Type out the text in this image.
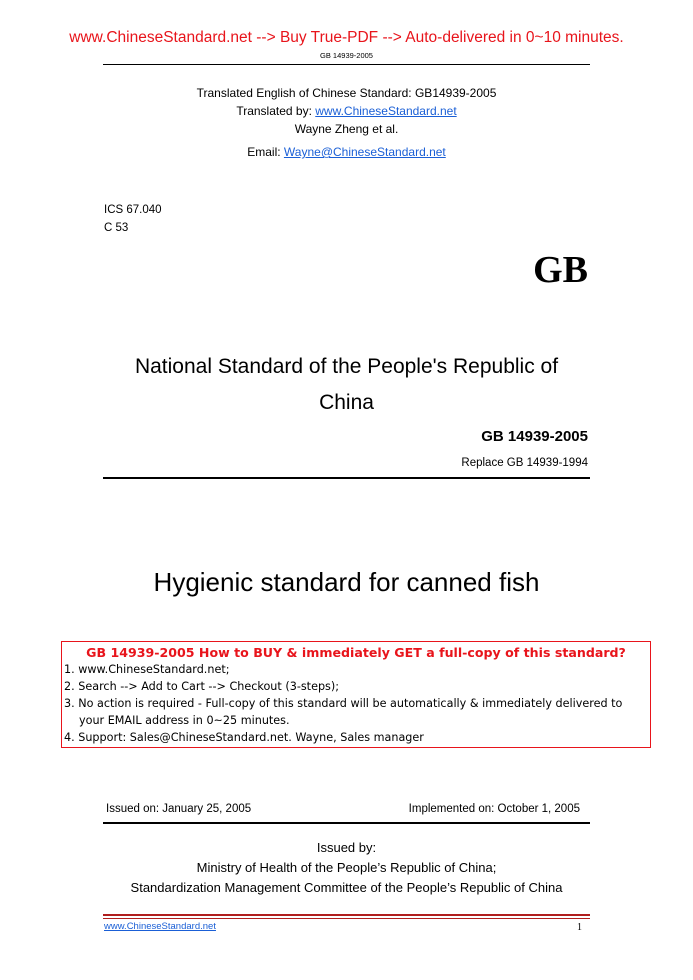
www.ChineseStandard.net --> Buy True-PDF --> Auto-delivered in 0~10 minutes.
GB 14939-2005
Translated English of Chinese Standard: GB14939-2005
Translated by: www.ChineseStandard.net
Wayne Zheng et al.
Email: Wayne@ChineseStandard.net
ICS 67.040
C 53
GB
National Standard of the People's Republic of
China
GB 14939-2005
Replace GB 14939-1994
Hygienic standard for canned fish
GB 14939-2005 How to BUY & immediately GET a full-copy of this standard?
1. www.ChineseStandard.net;
2. Search --> Add to Cart --> Checkout (3-steps);
3. No action is required - Full-copy of this standard will be automatically & immediately delivered to
your EMAIL address in 0~25 minutes.
4. Support: Sales@ChineseStandard.net. Wayne, Sales manager
Issued on: January 25, 2005	Implemented on: October 1, 2005
Issued by:
Ministry of Health of the People’s Republic of China;
Standardization Management Committee of the People’s Republic of China
www.ChineseStandard.net	1
